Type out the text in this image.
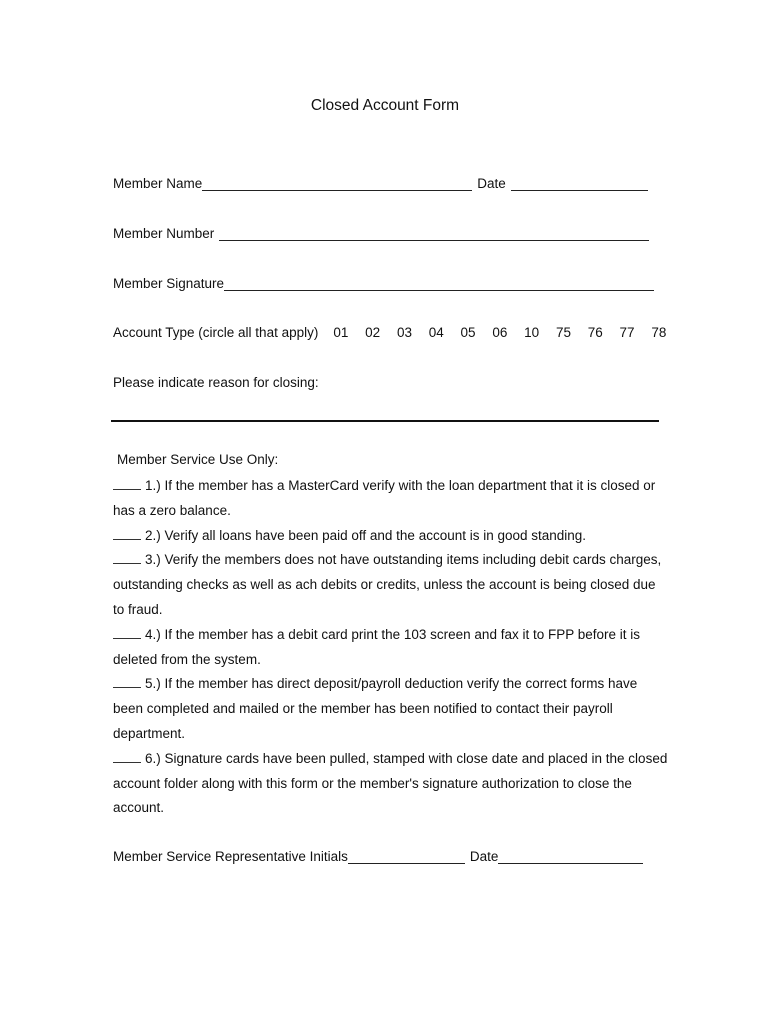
Closed Account Form
Member Name	Date
Member Number
Member Signature
Account Type (circle all that apply) 01 02 03 04 05 06 10 75 76 77 78
Please indicate reason for closing:
Member Service Use Only:

1.) If the member has a MasterCard verify with the loan department that it is closed or has a zero balance.

2.) Verify all loans have been paid off and the account is in good standing.

3.) Verify the members does not have outstanding items including debit cards charges, outstanding checks as well as ach debits or credits, unless the account is being closed due to fraud.

4.) If the member has a debit card print the 103 screen and fax it to FPP before it is deleted from the system.

5.) If the member has direct deposit/payroll deduction verify the correct forms have been completed and mailed or the member has been notified to contact their payroll department.

6.) Signature cards have been pulled, stamped with close date and placed in the closed account folder along with this form or the member's signature authorization to close the account.

Member Service Representative Initials	Date
